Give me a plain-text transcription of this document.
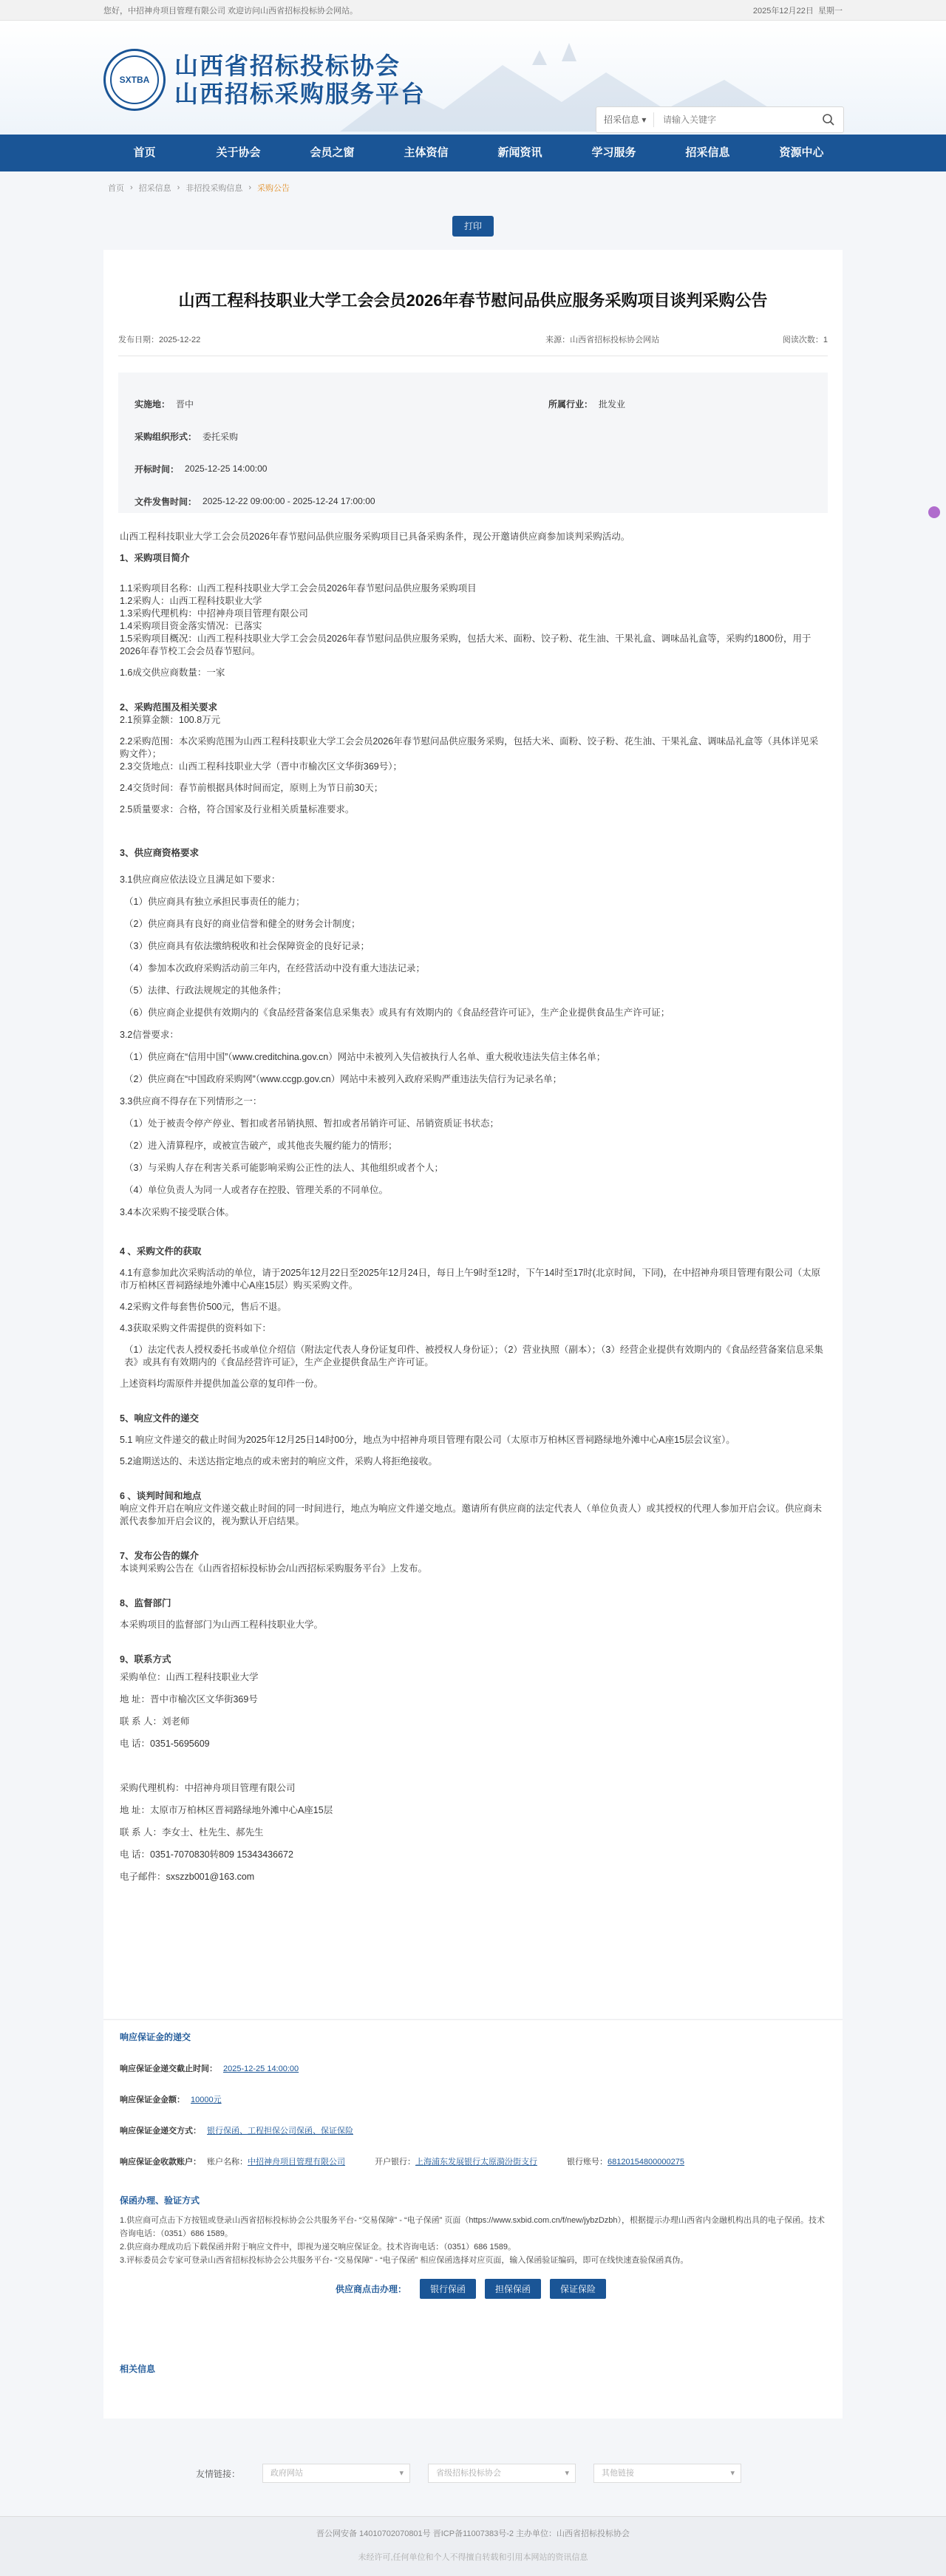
您好，中招神舟项目管理有限公司 欢迎访问山西省招标投标协会网站。	2025年12月22日 星期一
SXTBA
山西省招标投标协会
山西招标采购服务平台
招采信息 ▾
请输入关键字
首页	关于协会	会员之窗	主体资信	新闻资讯	学习服务	招采信息	资源中心
首页 › 招采信息 › 非招投采购信息 › 采购公告
打印
山西工程科技职业大学工会会员2026年春节慰问品供应服务采购项目谈判采购公告
发布日期：2025-12-22	来源：山西省招标投标协会网站	阅读次数：1
实施地： 晋中	所属行业： 批发业
采购组织形式： 委托采购
开标时间： 2025-12-25 14:00:00
文件发售时间： 2025-12-22 09:00:00 - 2025-12-24 17:00:00

山西工程科技职业大学工会会员2026年春节慰问品供应服务采购项目已具备采购条件，现公开邀请供应商参加谈判采购活动。

1、采购项目简介

1.1采购项目名称：山西工程科技职业大学工会会员2026年春节慰问品供应服务采购项目

1.2采购人：山西工程科技职业大学

1.3采购代理机构：中招神舟项目管理有限公司

1.4采购项目资金落实情况：已落实

1.5采购项目概况：山西工程科技职业大学工会会员2026年春节慰问品供应服务采购，包括大米、面粉、饺子粉、花生油、干果礼盒、调味品礼盒等，采购约1800份，用于2026年春节校工会会员春节慰问。

1.6成交供应商数量：一家

2、采购范围及相关要求

2.1预算金额：100.8万元

2.2采购范围：本次采购范围为山西工程科技职业大学工会会员2026年春节慰问品供应服务采购，包括大米、面粉、饺子粉、花生油、干果礼盒、调味品礼盒等（具体详见采购文件）；

2.3交货地点：山西工程科技职业大学（晋中市榆次区文华街369号）；

2.4交货时间：春节前根据具体时间而定，原则上为节日前30天；

2.5质量要求：合格，符合国家及行业相关质量标准要求。

3、供应商资格要求

3.1供应商应依法设立且满足如下要求：

（1）供应商具有独立承担民事责任的能力；

（2）供应商具有良好的商业信誉和健全的财务会计制度；

（3）供应商具有依法缴纳税收和社会保障资金的良好记录；

（4）参加本次政府采购活动前三年内，在经营活动中没有重大违法记录；

（5）法律、行政法规规定的其他条件；

（6）供应商企业提供有效期内的《食品经营备案信息采集表》或具有有效期内的《食品经营许可证》，生产企业提供食品生产许可证；

3.2信誉要求：

（1）供应商在“信用中国”（www.creditchina.gov.cn）网站中未被列入失信被执行人名单、重大税收违法失信主体名单；

（2）供应商在“中国政府采购网”（www.ccgp.gov.cn）网站中未被列入政府采购严重违法失信行为记录名单；

3.3供应商不得存在下列情形之一：

（1）处于被责令停产停业、暂扣或者吊销执照、暂扣或者吊销许可证、吊销资质证书状态；

（2）进入清算程序，或被宣告破产，或其他丧失履约能力的情形；

（3）与采购人存在利害关系可能影响采购公正性的法人、其他组织或者个人；

（4）单位负责人为同一人或者存在控股、管理关系的不同单位。

3.4本次采购不接受联合体。

4 、采购文件的获取

4.1有意参加此次采购活动的单位，请于2025年12月22日至2025年12月24日，每日上午9时至12时，下午14时至17时(北京时间，下同)，在中招神舟项目管理有限公司（太原市万柏林区晋祠路绿地外滩中心A座15层）购买采购文件。

4.2采购文件每套售价500元，售后不退。

4.3获取采购文件需提供的资料如下：

（1）法定代表人授权委托书或单位介绍信（附法定代表人身份证复印件、被授权人身份证）；（2）营业执照（副本）；（3）经营企业提供有效期内的《食品经营备案信息采集表》或具有有效期内的《食品经营许可证》，生产企业提供食品生产许可证。

上述资料均需原件并提供加盖公章的复印件一份。

5、响应文件的递交

5.1 响应文件递交的截止时间为2025年12月25日14时00分，地点为中招神舟项目管理有限公司（太原市万柏林区晋祠路绿地外滩中心A座15层会议室）。

5.2逾期送达的、未送达指定地点的或未密封的响应文件，采购人将拒绝接收。

6 、谈判时间和地点

响应文件开启在响应文件递交截止时间的同一时间进行，地点为响应文件递交地点。邀请所有供应商的法定代表人（单位负责人）或其授权的代理人参加开启会议。供应商未派代表参加开启会议的，视为默认开启结果。

7、发布公告的媒介

本谈判采购公告在《山西省招标投标协会/山西招标采购服务平台》上发布。

8、监督部门

本采购项目的监督部门为山西工程科技职业大学。

9、联系方式

采购单位：山西工程科技职业大学

地 址：晋中市榆次区文华街369号

联 系 人：刘老师

电 话：0351-5695609

采购代理机构：中招神舟项目管理有限公司

地 址：太原市万柏林区晋祠路绿地外滩中心A座15层

联 系 人：李女士、杜先生、郝先生

电 话：0351-7070830转809 15343436672

电子邮件：sxszzb001@163.com

响应保证金的递交
响应保证金递交截止时间： 2025-12-25 14:00:00
响应保证金金额： 10000元
响应保证金递交方式： 银行保函、工程担保公司保函、保证保险
响应保证金收款账户： 账户名称：中招神舟项目管理有限公司	开户银行：上海浦东发展银行太原漪汾街支行	银行账号：68120154800000275
保函办理、验证方式

1.供应商可点击下方按钮或登录山西省招标投标协会公共服务平台- “交易保障” - “电子保函” 页面（https://www.sxbid.com.cn/f/new/jybzDzbh），根据提示办理山西省内金融机构出具的电子保函。技术咨询电话：（0351）686 1589。

2.供应商办理成功后下载保函并附于响应文件中，即视为递交响应保证金。技术咨询电话：（0351）686 1589。

3.评标委员会专家可登录山西省招标投标协会公共服务平台- “交易保障” - “电子保函” 相应保函选择对应页面，输入保函验证编码，即可在线快速查验保函真伪。

供应商点击办理：	银行保函	担保保函	保证保险
相关信息
友情链接：	政府网站 ▾	省级招标投标协会 ▾	其他链接 ▾
晋公网安备 14010702070801号 晋ICP备11007383号-2 主办单位：山西省招标投标协会
未经许可,任何单位和个人不得擅自转载和引用本网站的资讯信息
